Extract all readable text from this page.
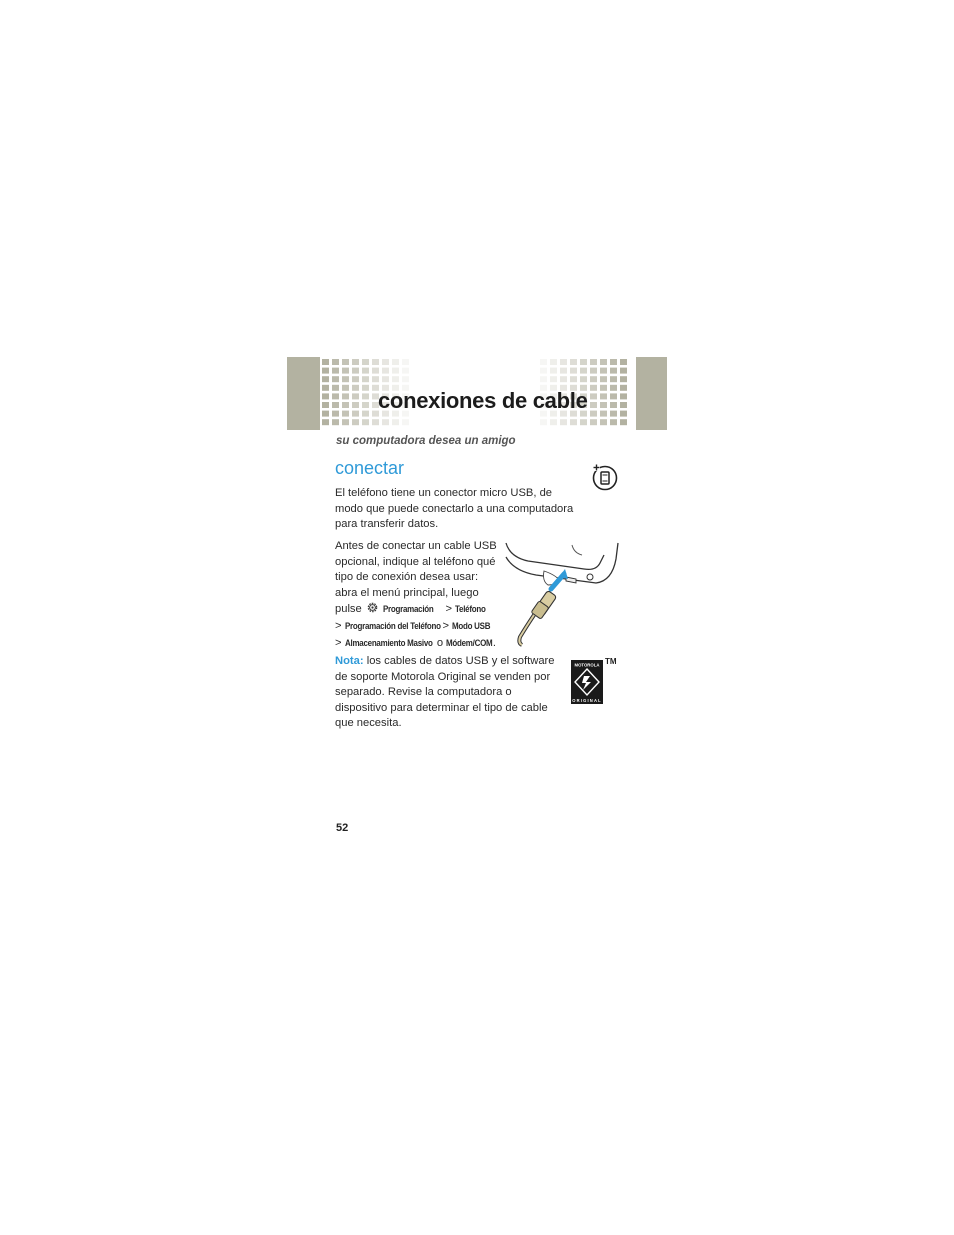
conexiones de cable
su computadora desea un amigo
conectar

El teléfono tiene un conector micro USB, de modo que puede conectarlo a una computadora para transferir datos.

Antes de conectar un cable USB
opcional, indique al teléfono qué
tipo de conexión desea usar:
abra el menú principal, luego
pulse Programación > Teléfono
> Programación del Teléfono > Modo USB
> Almacenamiento Masivo o Módem/COM.

Nota: los cables de datos USB y el software de soporte Motorola Original se venden por separado. Revise la computadora o dispositivo para determinar el tipo de cable que necesita.

MOTOROLA
ORIGINAL
TM
52
